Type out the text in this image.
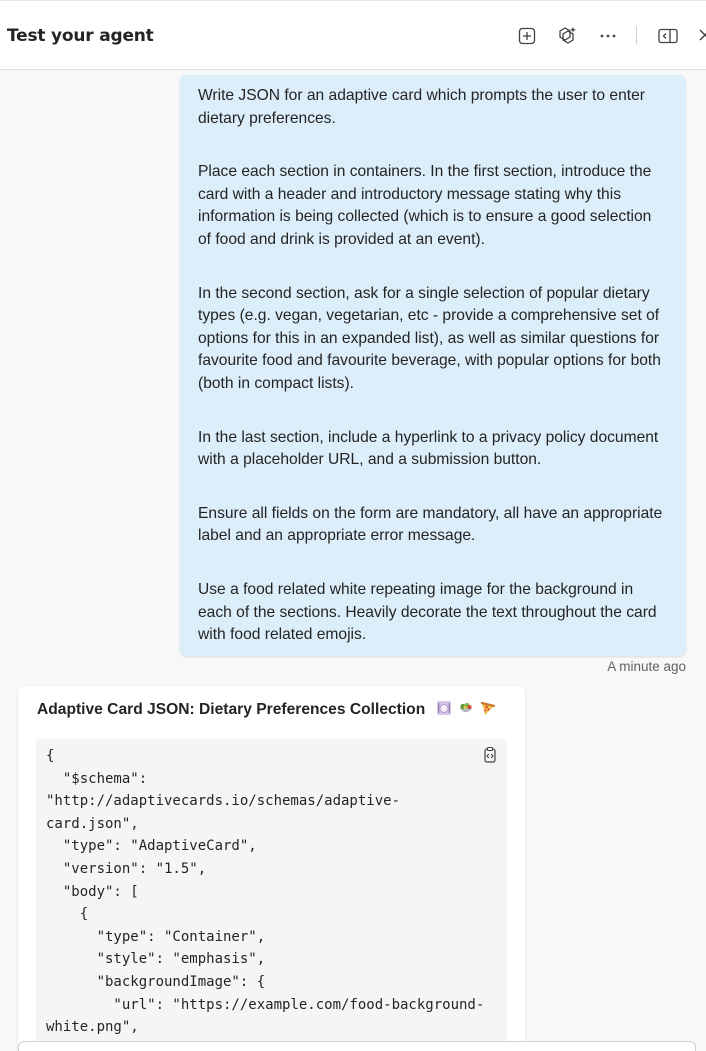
Test your agent

Write JSON for an adaptive card which prompts the user to enter dietary preferences.

Place each section in containers. In the first section, introduce the card with a header and introductory message stating why this information is being collected (which is to ensure a good selection of food and drink is provided at an event).

In the second section, ask for a single selection of popular dietary types (e.g. vegan, vegetarian, etc - provide a comprehensive set of options for this in an expanded list), as well as similar questions for favourite food and favourite beverage, with popular options for both (both in compact lists).

In the last section, include a hyperlink to a privacy policy document with a placeholder URL, and a submission button.

Ensure all fields on the form are mandatory, all have an appropriate label and an appropriate error message.

Use a food related white repeating image for the background in each of the sections. Heavily decorate the text throughout the card with food related emojis.

A minute ago
Adaptive Card JSON: Dietary Preferences Collection
{
"$schema":
"http://adaptivecards.io/schemas/adaptive-
card.json",
"type": "AdaptiveCard",
"version": "1.5",
"body": [
{
"type": "Container",
"style": "emphasis",
"backgroundImage": {
"url": "https://example.com/food-background-
white.png",
